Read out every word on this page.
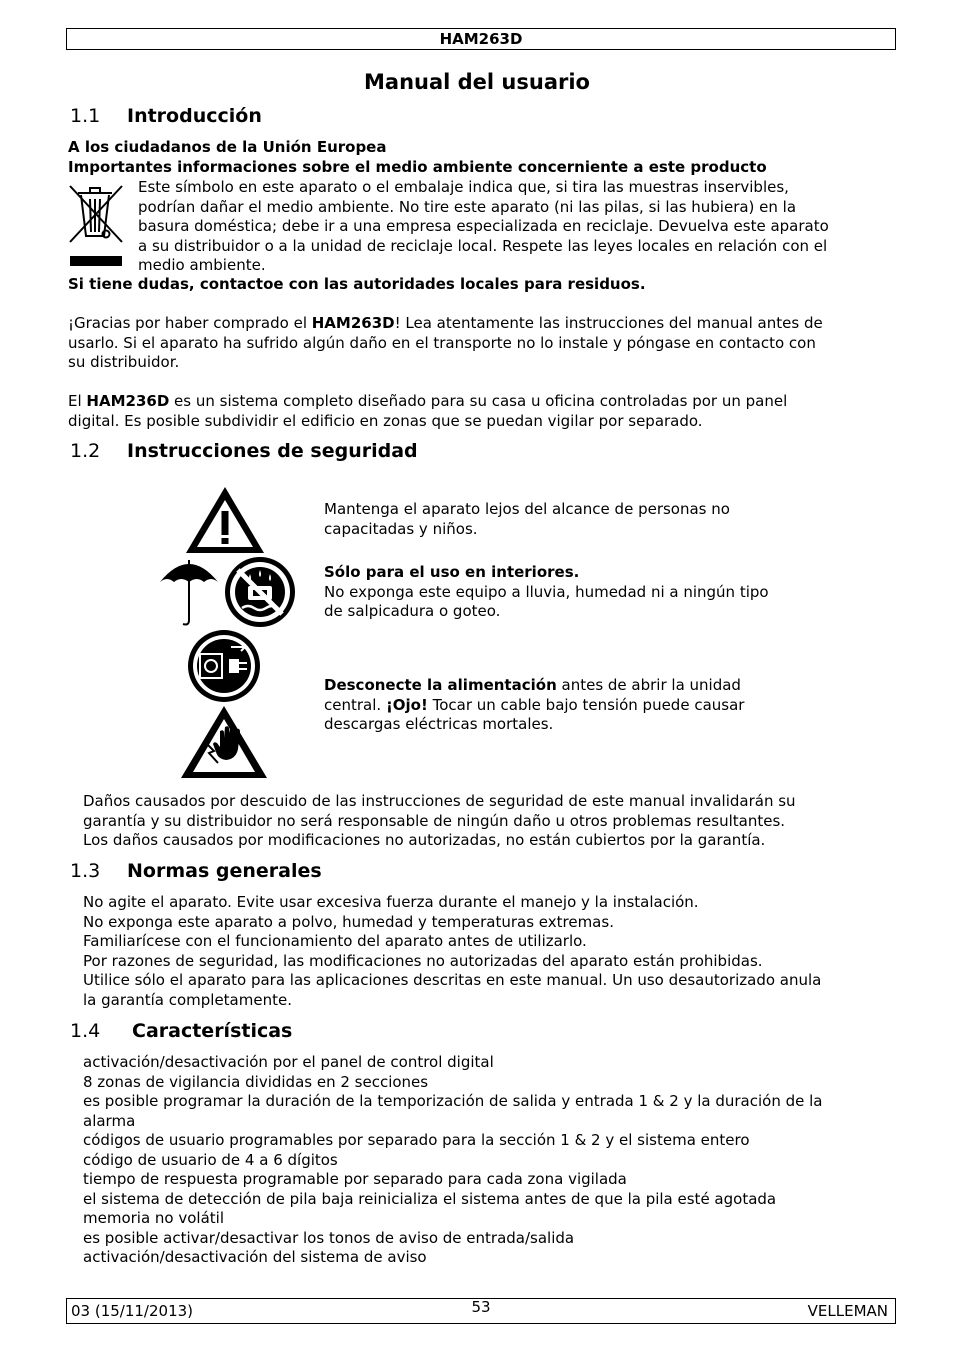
HAM263D
Manual del usuario
1.1 Introducción
A los ciudadanos de la Unión Europea
Importantes informaciones sobre el medio ambiente concerniente a este producto
Este símbolo en este aparato o el embalaje indica que, si tira las muestras inservibles,
podrían dañar el medio ambiente. No tire este aparato (ni las pilas, si las hubiera) en la
basura doméstica; debe ir a una empresa especializada en reciclaje. Devuelva este aparato
a su distribuidor o a la unidad de reciclaje local. Respete las leyes locales en relación con el
medio ambiente.
Si tiene dudas, contactoe con las autoridades locales para residuos.
¡Gracias por haber comprado el HAM263D! Lea atentamente las instrucciones del manual antes de
usarlo. Si el aparato ha sufrido algún daño en el transporte no lo instale y póngase en contacto con
su distribuidor.
El HAM236D es un sistema completo diseñado para su casa u oficina controladas por un panel
digital. Es posible subdividir el edificio en zonas que se puedan vigilar por separado.
1.2 Instrucciones de seguridad
Mantenga el aparato lejos del alcance de personas no
capacitadas y niños.
Sólo para el uso en interiores.
No exponga este equipo a lluvia, humedad ni a ningún tipo
de salpicadura o goteo.
Desconecte la alimentación antes de abrir la unidad
central. ¡Ojo! Tocar un cable bajo tensión puede causar
descargas eléctricas mortales.
Daños causados por descuido de las instrucciones de seguridad de este manual invalidarán su
garantía y su distribuidor no será responsable de ningún daño u otros problemas resultantes.
Los daños causados por modificaciones no autorizadas, no están cubiertos por la garantía.
1.3 Normas generales
No agite el aparato. Evite usar excesiva fuerza durante el manejo y la instalación.
No exponga este aparato a polvo, humedad y temperaturas extremas.
Familiarícese con el funcionamiento del aparato antes de utilizarlo.
Por razones de seguridad, las modificaciones no autorizadas del aparato están prohibidas.
Utilice sólo el aparato para las aplicaciones descritas en este manual. Un uso desautorizado anula
la garantía completamente.
1.4 Características
activación/desactivación por el panel de control digital
8 zonas de vigilancia divididas en 2 secciones
es posible programar la duración de la temporización de salida y entrada 1 & 2 y la duración de la
alarma
códigos de usuario programables por separado para la sección 1 & 2 y el sistema entero
código de usuario de 4 a 6 dígitos
tiempo de respuesta programable por separado para cada zona vigilada
el sistema de detección de pila baja reinicializa el sistema antes de que la pila esté agotada
memoria no volátil
es posible activar/desactivar los tonos de aviso de entrada/salida
activación/desactivación del sistema de aviso
03 (15/11/2013)	53	VELLEMAN
